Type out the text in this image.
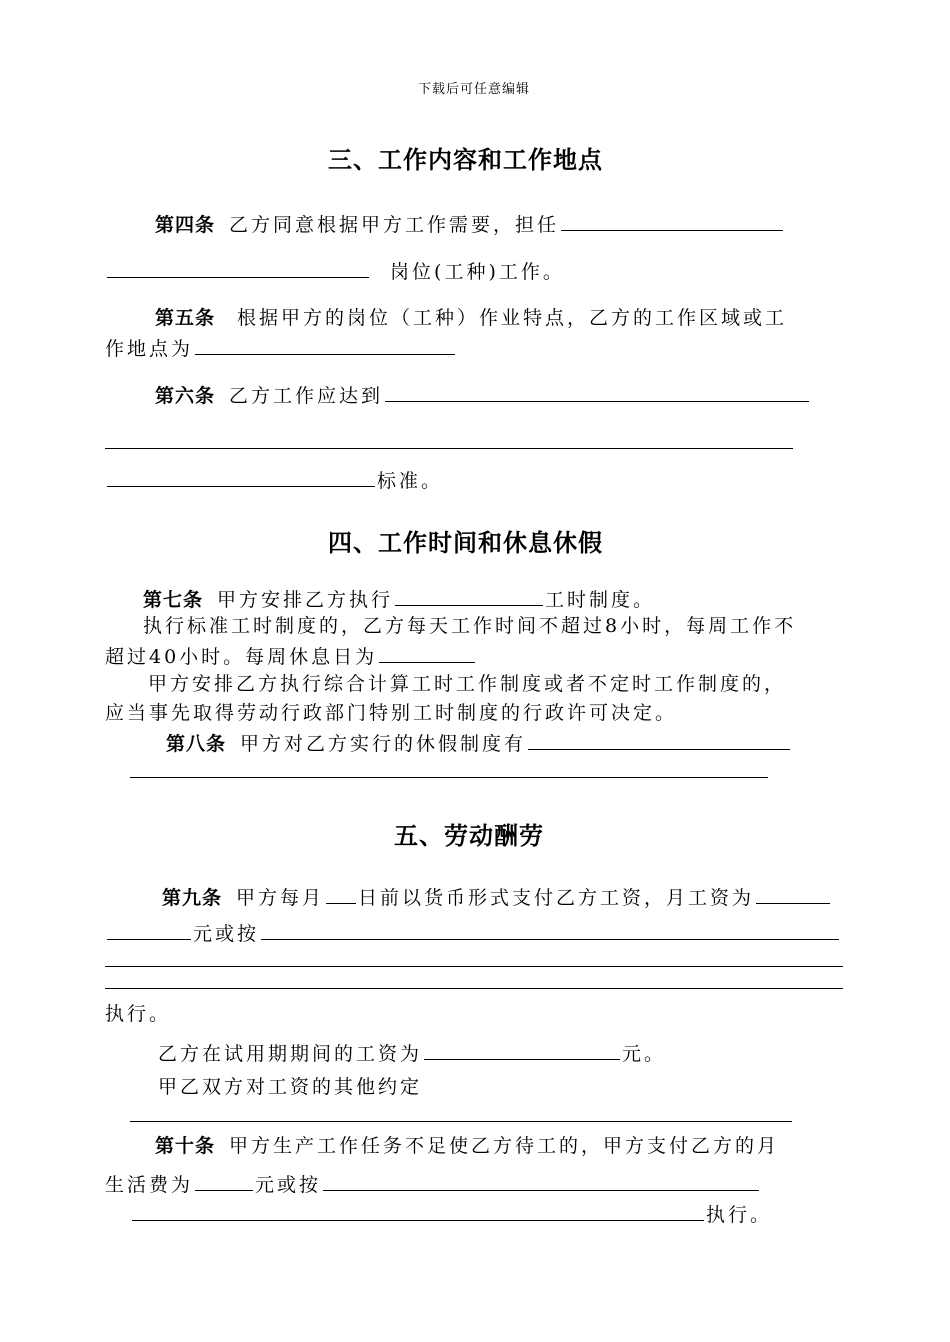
下载后可任意编辑
三、工作内容和工作地点
第四条 乙方同意根据甲方工作需要，担任
岗位(工种)工作。
第五条 根据甲方的岗位（工种）作业特点，乙方的工作区域或工
作地点为
第六条 乙方工作应达到
标准。
四、工作时间和休息休假
第七条 甲方安排乙方执行	工时制度。
执行标准工时制度的，乙方每天工作时间不超过8小时，每周工作不
超过40小时。每周休息日为
甲方安排乙方执行综合计算工时工作制度或者不定时工作制度的，
应当事先取得劳动行政部门特别工时制度的行政许可决定。
第八条 甲方对乙方实行的休假制度有
五、劳动酬劳
第九条 甲方每月 日前以货币形式支付乙方工资，月工资为
元或按
执行。
乙方在试用期期间的工资为	元。
甲乙双方对工资的其他约定
第十条 甲方生产工作任务不足使乙方待工的，甲方支付乙方的月
生活费为	元或按
执行。
